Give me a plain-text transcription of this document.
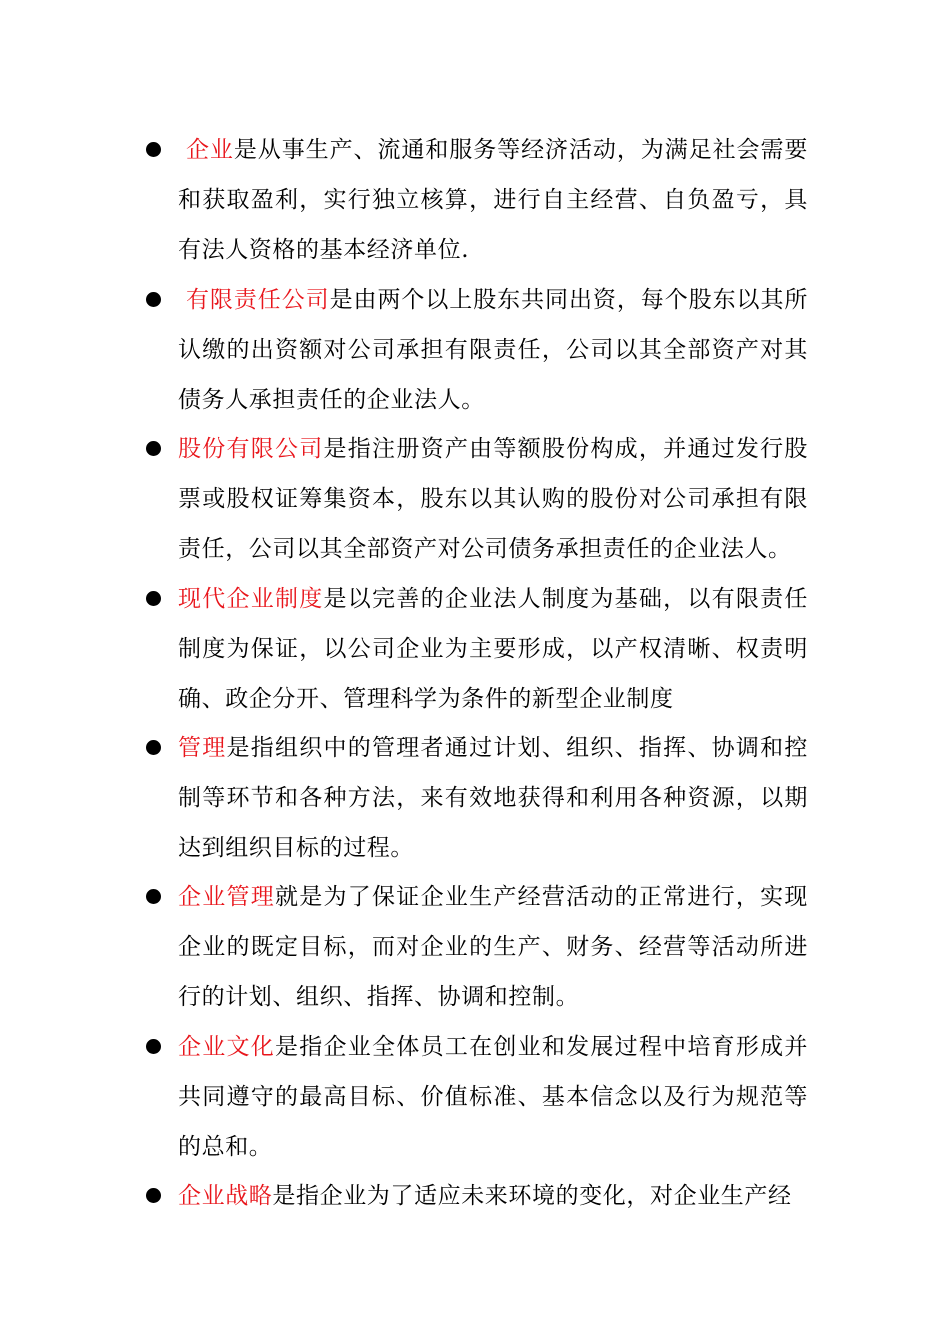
企业是从事生产、流通和服务等经济活动，为满足社会需要和获取盈利，实行独立核算，进行自主经营、自负盈亏，具有法人资格的基本经济单位.
有限责任公司是由两个以上股东共同出资，每个股东以其所认缴的出资额对公司承担有限责任，公司以其全部资产对其债务人承担责任的企业法人。
股份有限公司是指注册资产由等额股份构成，并通过发行股票或股权证筹集资本，股东以其认购的股份对公司承担有限责任，公司以其全部资产对公司债务承担责任的企业法人。
现代企业制度是以完善的企业法人制度为基础，以有限责任制度为保证，以公司企业为主要形成，以产权清晰、权责明确、政企分开、管理科学为条件的新型企业制度
管理是指组织中的管理者通过计划、组织、指挥、协调和控制等环节和各种方法，来有效地获得和利用各种资源，以期达到组织目标的过程。
企业管理就是为了保证企业生产经营活动的正常进行，实现企业的既定目标，而对企业的生产、财务、经营等活动所进行的计划、组织、指挥、协调和控制。
企业文化是指企业全体员工在创业和发展过程中培育形成并共同遵守的最高目标、价值标准、基本信念以及行为规范等的总和。
企业战略是指企业为了适应未来环境的变化，对企业生产经
